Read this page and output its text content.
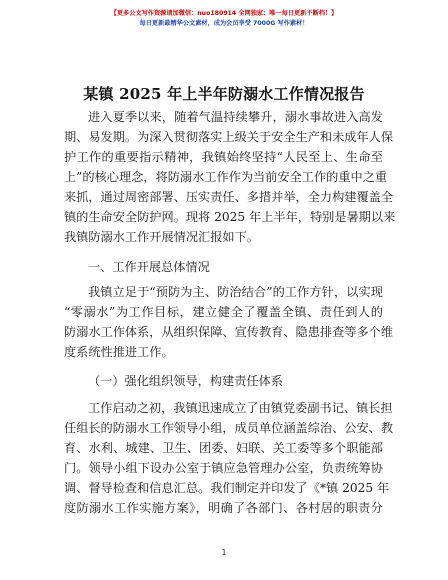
【更多公文写作资源请加微信：nuo180914 全网独家：唯一每日更新不断档！】
每日更新最精华公文素材，成为会员享受 7000G 写作素材！
某镇 2025 年上半年防溺水工作情况报告
进入夏季以来，随着气温持续攀升，溺水事故进入高发
期、易发期。为深入贯彻落实上级关于安全生产和未成年人保
护工作的重要指示精神，我镇始终坚持“人民至上、生命至
上”的核心理念，将防溺水工作作为当前安全工作的重中之重
来抓，通过周密部署、压实责任、多措并举，全力构建覆盖全
镇的生命安全防护网。现将 2025 年上半年，特别是暑期以来
我镇防溺水工作开展情况汇报如下。
一、工作开展总体情况
我镇立足于“预防为主、防治结合”的工作方针，以实现
“零溺水”为工作目标，建立健全了覆盖全镇、责任到人的
防溺水工作体系，从组织保障、宣传教育、隐患排查等多个维
度系统性推进工作。
（一）强化组织领导，构建责任体系
工作启动之初，我镇迅速成立了由镇党委副书记、镇长担
任组长的防溺水工作领导小组，成员单位涵盖综治、公安、教
育、水利、城建、卫生、团委、妇联、关工委等多个职能部
门。领导小组下设办公室于镇应急管理办公室，负责统筹协
调、督导检查和信息汇总。我们制定并印发了《*镇 2025 年
度防溺水工作实施方案》，明确了各部门、各村居的职责分
1
